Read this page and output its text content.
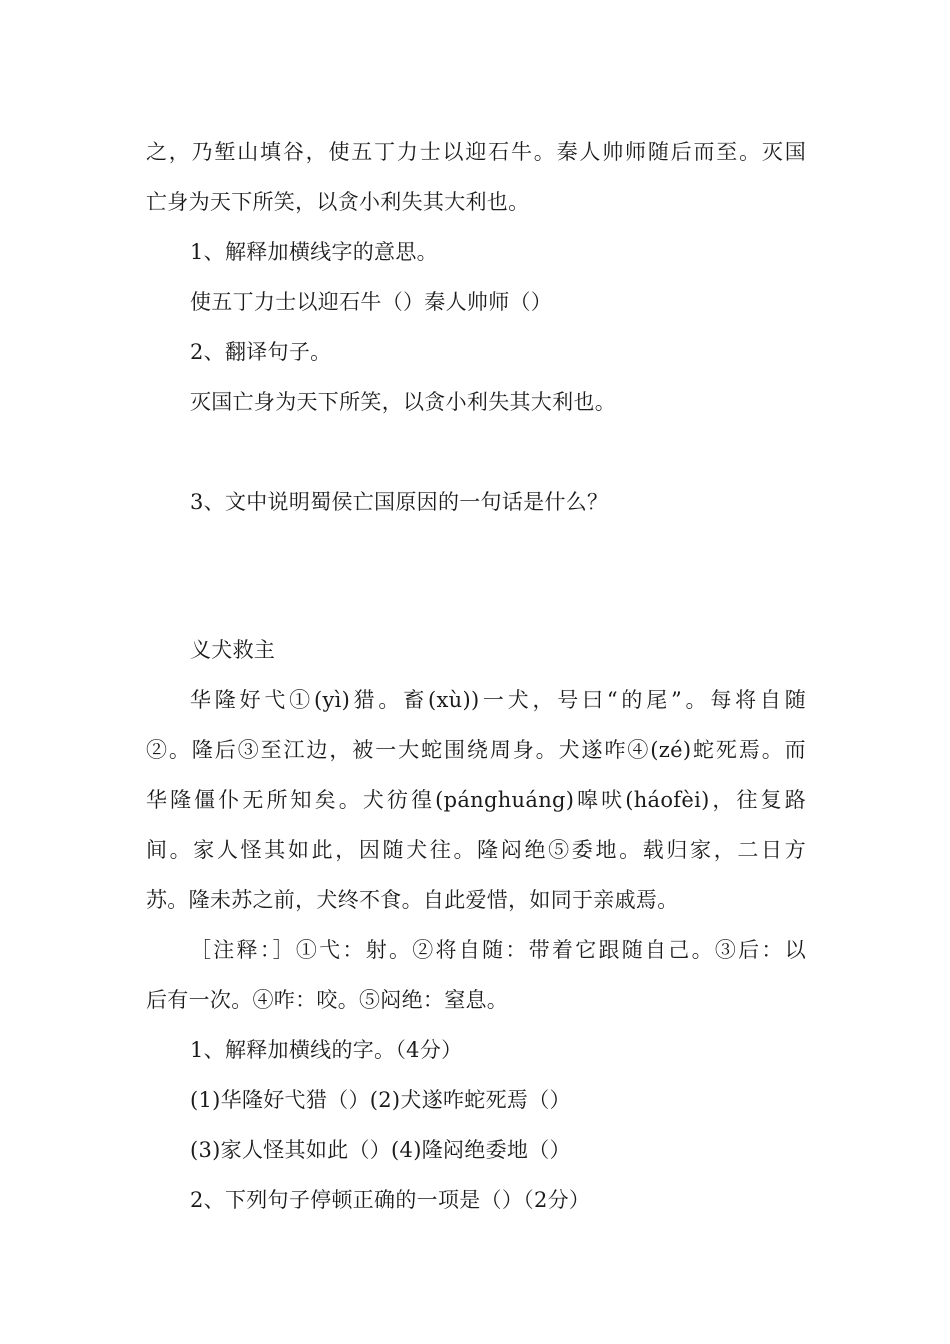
之，乃堑山填谷，使五丁力士以迎石牛。秦人帅师随后而至。灭国
亡身为天下所笑，以贪小利失其大利也。
1、解释加横线字的意思。
使五丁力士以迎石牛（）秦人帅师（）
2、翻译句子。
灭国亡身为天下所笑，以贪小利失其大利也。
3、文中说明蜀侯亡国原因的一句话是什么？
义犬救主
华隆好弋①(yì)猎。畜(xù))一犬，号曰“的尾”。每将自随
②。隆后③至江边，被一大蛇围绕周身。犬遂咋④(zé)蛇死焉。而
华隆僵仆无所知矣。犬彷徨(pánghuáng)嗥吠(háofèi)，往复路
间。家人怪其如此，因随犬往。隆闷绝⑤委地。载归家，二日方
苏。隆未苏之前，犬终不食。自此爱惜，如同于亲戚焉。
［注释：］①弋：射。②将自随：带着它跟随自己。③后：以
后有一次。④咋：咬。⑤闷绝：窒息。
1、解释加横线的字。（4分）
(1)华隆好弋猎（）(2)犬遂咋蛇死焉（）
(3)家人怪其如此（）(4)隆闷绝委地（）
2、下列句子停顿正确的一项是（）（2分）
